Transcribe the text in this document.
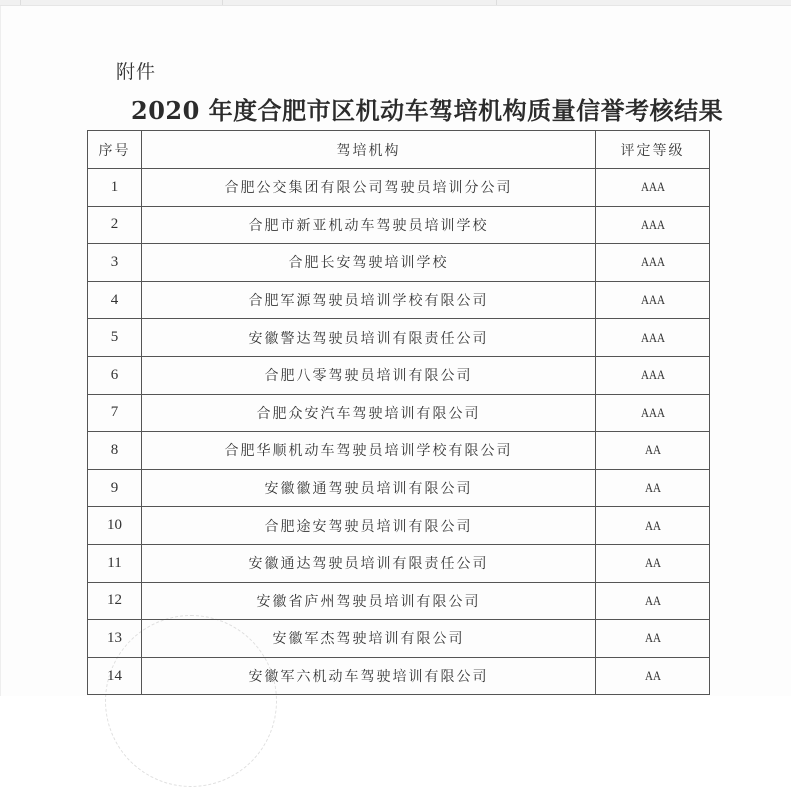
附件
2020 年度合肥市区机动车驾培机构质量信誉考核结果
序号	驾培机构	评定等级
1	合肥公交集团有限公司驾驶员培训分公司	AAA
2	合肥市新亚机动车驾驶员培训学校	AAA
3	合肥长安驾驶培训学校	AAA
4	合肥军源驾驶员培训学校有限公司	AAA
5	安徽警达驾驶员培训有限责任公司	AAA
6	合肥八零驾驶员培训有限公司	AAA
7	合肥众安汽车驾驶培训有限公司	AAA
8	合肥华顺机动车驾驶员培训学校有限公司	AA
9	安徽徽通驾驶员培训有限公司	AA
10	合肥途安驾驶员培训有限公司	AA
11	安徽通达驾驶员培训有限责任公司	AA
12	安徽省庐州驾驶员培训有限公司	AA
13	安徽军杰驾驶培训有限公司	AA
14	安徽军六机动车驾驶培训有限公司	AA
